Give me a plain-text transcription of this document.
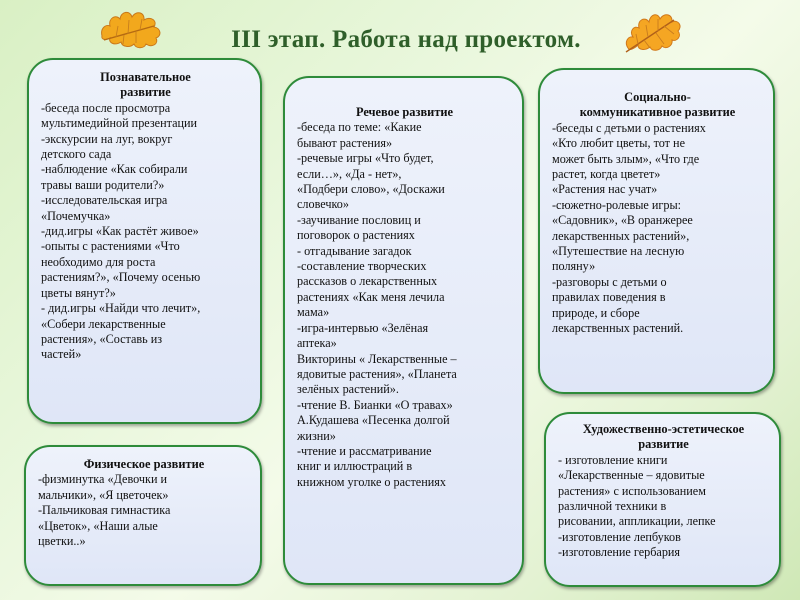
III этап. Работа над проектом.
Познавательное развитие
-беседа после просмотра
мультимедийной презентации
-экскурсии на луг, вокруг
детского сада
-наблюдение «Как собирали
травы ваши родители?»
-исследовательская игра
«Почемучка»
-дид.игры «Как растёт живое»
-опыты с растениями «Что
необходимо для роста
растениям?», «Почему осенью
цветы вянут?»
- дид.игры «Найди что лечит»,
«Собери лекарственные
растения», «Составь из
частей»
Речевое развитие
-беседа по теме: «Какие
бывают растения»
-речевые игры «Что будет,
если…», «Да - нет»,
«Подбери слово», «Доскажи
словечко»
-заучивание пословиц и
поговорок о растениях
- отгадывание загадок
-составление творческих
рассказов о лекарственных
растениях «Как меня лечила
мама»
-игра-интервью «Зелёная
аптека»
Викторины « Лекарственные –
ядовитые растения», «Планета
зелёных растений».
-чтение В. Бианки «О травах»
А.Кудашева «Песенка долгой
жизни»
-чтение и рассматривание
книг и иллюстраций в
книжном уголке о растениях
Социально-
коммуникативное развитие
-беседы с детьми о растениях
«Кто любит цветы, тот не
может быть злым», «Что где
растет, когда цветет»
«Растения нас учат»
-сюжетно-ролевые игры:
«Садовник», «В оранжерее
лекарственных растений»,
«Путешествие на лесную
поляну»
-разговоры с детьми о
правилах поведения в
природе, и сборе
лекарственных растений.
Физическое развитие
-физминутка «Девочки и
мальчики», «Я цветочек»
-Пальчиковая гимнастика
«Цветок», «Наши алые
цветки..»
Художественно-эстетическое
развитие
- изготовление книги
«Лекарственные – ядовитые
растения» с использованием
различной техники в
рисовании, аппликации, лепке
-изготовление лепбуков
-изготовление гербария
